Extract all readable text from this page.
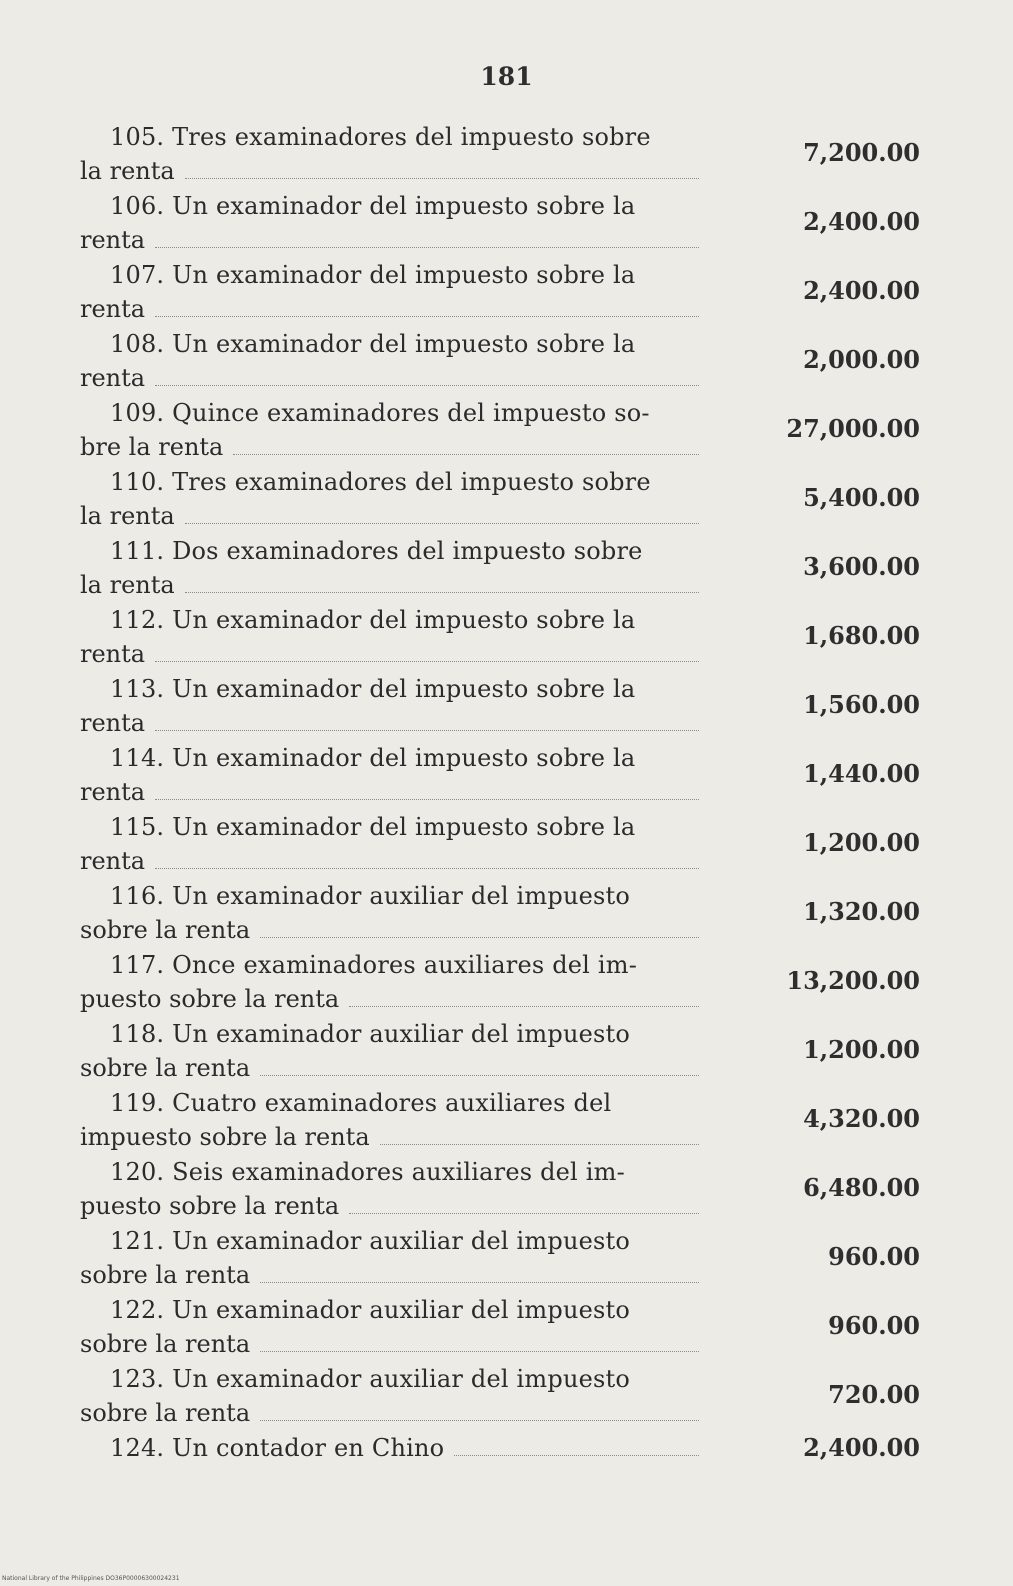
181
105. Tres examinadores del impuesto sobre
la renta
7,200.00
106. Un examinador del impuesto sobre la
renta
2,400.00
107. Un examinador del impuesto sobre la
renta
2,400.00
108. Un examinador del impuesto sobre la
renta
2,000.00
109. Quince examinadores del impuesto so-
bre la renta
27,000.00
110. Tres examinadores del impuesto sobre
la renta
5,400.00
111. Dos examinadores del impuesto sobre
la renta
3,600.00
112. Un examinador del impuesto sobre la
renta
1,680.00
113. Un examinador del impuesto sobre la
renta
1,560.00
114. Un examinador del impuesto sobre la
renta
1,440.00
115. Un examinador del impuesto sobre la
renta
1,200.00
116. Un examinador auxiliar del impuesto
sobre la renta
1,320.00
117. Once examinadores auxiliares del im-
puesto sobre la renta
13,200.00
118. Un examinador auxiliar del impuesto
sobre la renta
1,200.00
119. Cuatro examinadores auxiliares del
impuesto sobre la renta
4,320.00
120. Seis examinadores auxiliares del im-
puesto sobre la renta
6,480.00
121. Un examinador auxiliar del impuesto
sobre la renta
960.00
122. Un examinador auxiliar del impuesto
sobre la renta
960.00
123. Un examinador auxiliar del impuesto
sobre la renta
720.00
124. Un contador en Chino	2,400.00
National Library of the Philippines DO36P00006300024231
